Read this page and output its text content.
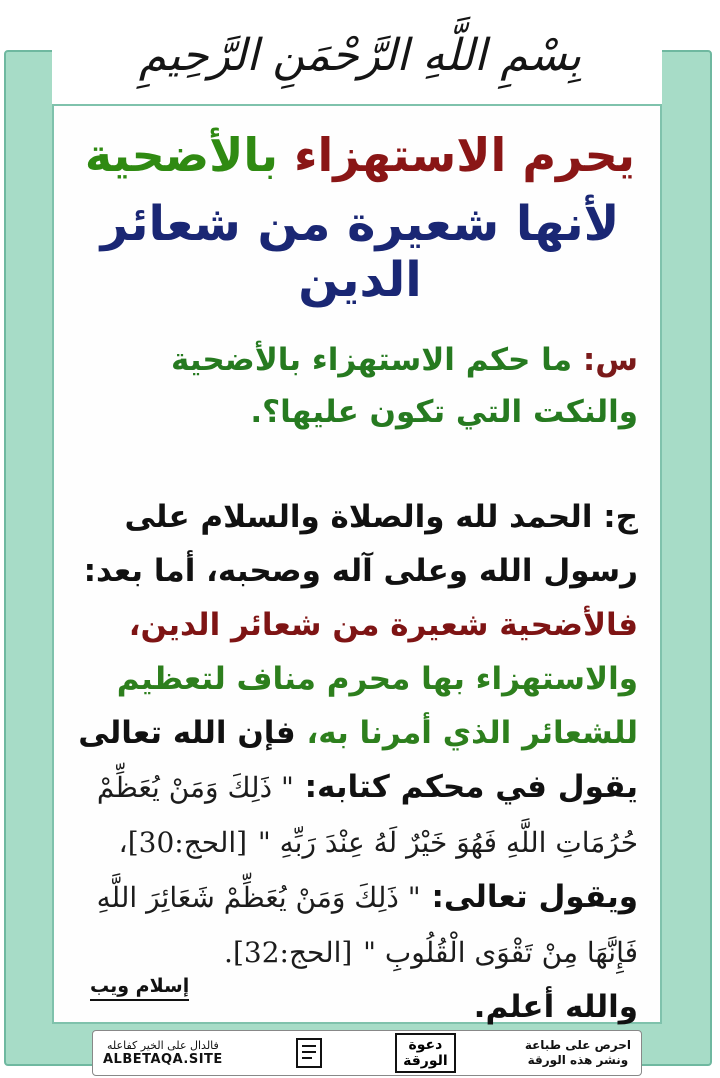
بِسْمِ اللَّهِ الرَّحْمَنِ الرَّحِيمِ
يحرم الاستهزاء بالأضحية
لأنها شعيرة من شعائر الدين
س: ما حكم الاستهزاء بالأضحية والنكت التي تكون عليها؟.
ج: الحمد لله والصلاة والسلام على رسول الله وعلى آله وصحبه، أما بعد: فالأضحية شعيرة من شعائر الدين، والاستهزاء بها محرم مناف لتعظيم للشعائر الذي أمرنا به، فإن الله تعالى يقول في محكم كتابه: " ذَلِكَ وَمَنْ يُعَظِّمْ حُرُمَاتِ اللَّهِ فَهُوَ خَيْرٌ لَهُ عِنْدَ رَبِّهِ " [الحج:30]، ويقول تعالى: " ذَلِكَ وَمَنْ يُعَظِّمْ شَعَائِرَ اللَّهِ فَإِنَّهَا مِنْ تَقْوَى الْقُلُوبِ " [الحج:32].
والله أعلم.
إسلام ويب
فالدال على الخير كفاعله
ALBETAQA.SITE
دعوة
الورقة
احرص على طباعة
ونشر هذه الورقة
